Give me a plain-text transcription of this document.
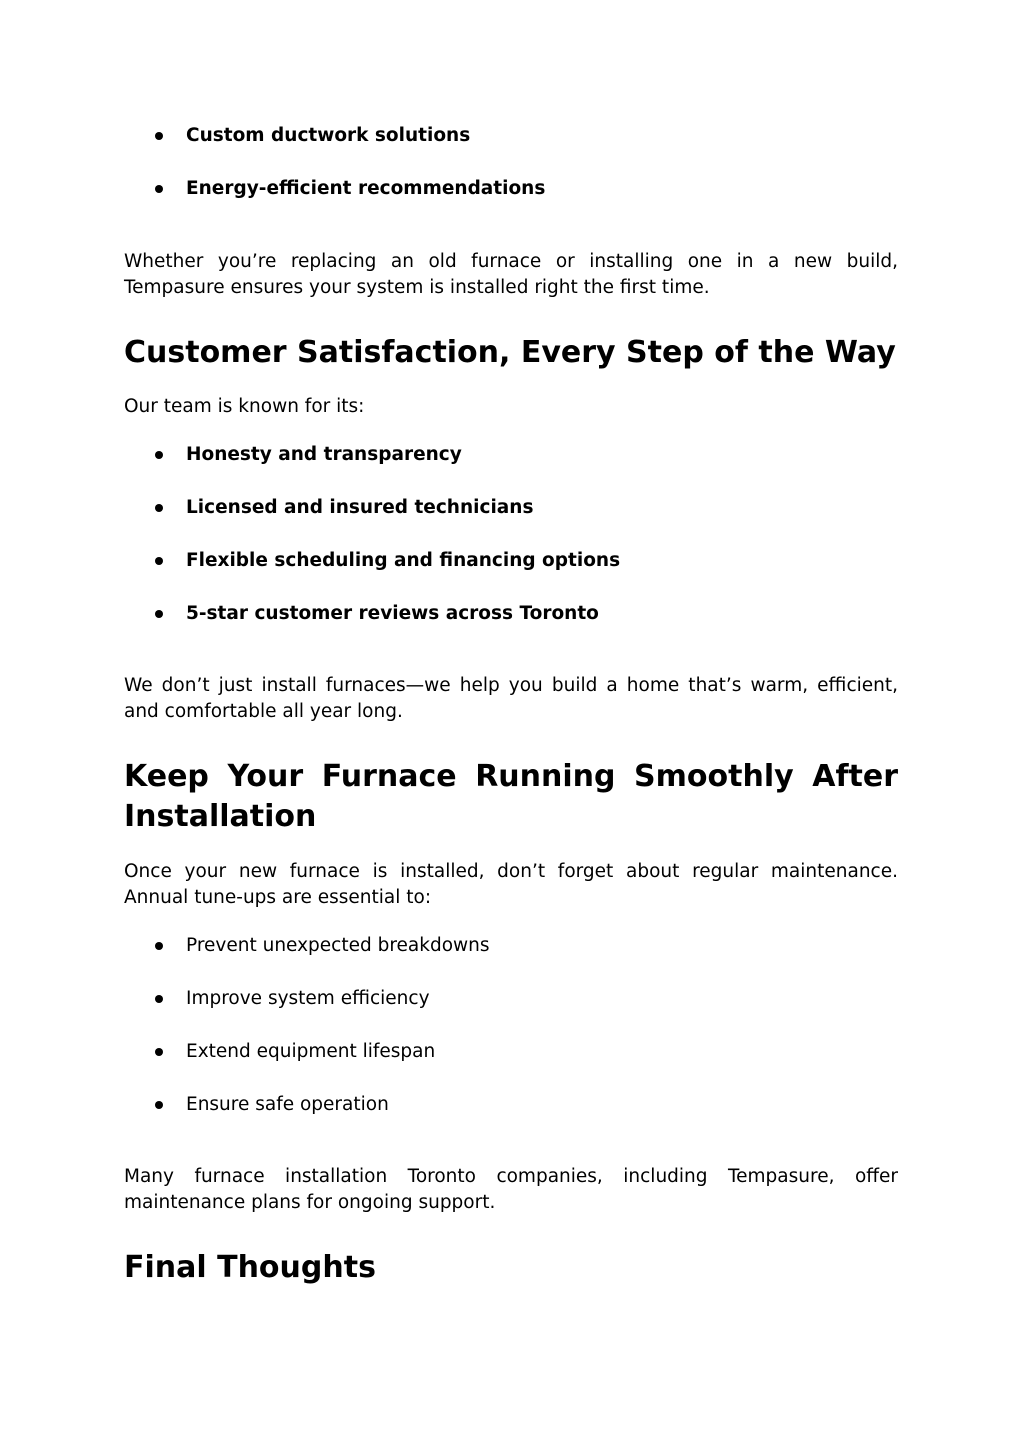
Custom ductwork solutions
Energy-efficient recommendations

Whether you’re replacing an old furnace or installing one in a new build, Tempasure ensures your system is installed right the first time.

Customer Satisfaction, Every Step of the Way

Our team is known for its:

Honesty and transparency
Licensed and insured technicians
Flexible scheduling and financing options
5-star customer reviews across Toronto

We don’t just install furnaces—we help you build a home that’s warm, efficient, and comfortable all year long.

Keep Your Furnace Running Smoothly After Installation

Once your new furnace is installed, don’t forget about regular maintenance. Annual tune-ups are essential to:

Prevent unexpected breakdowns
Improve system efficiency
Extend equipment lifespan
Ensure safe operation

Many furnace installation Toronto companies, including Tempasure, offer maintenance plans for ongoing support.

Final Thoughts
